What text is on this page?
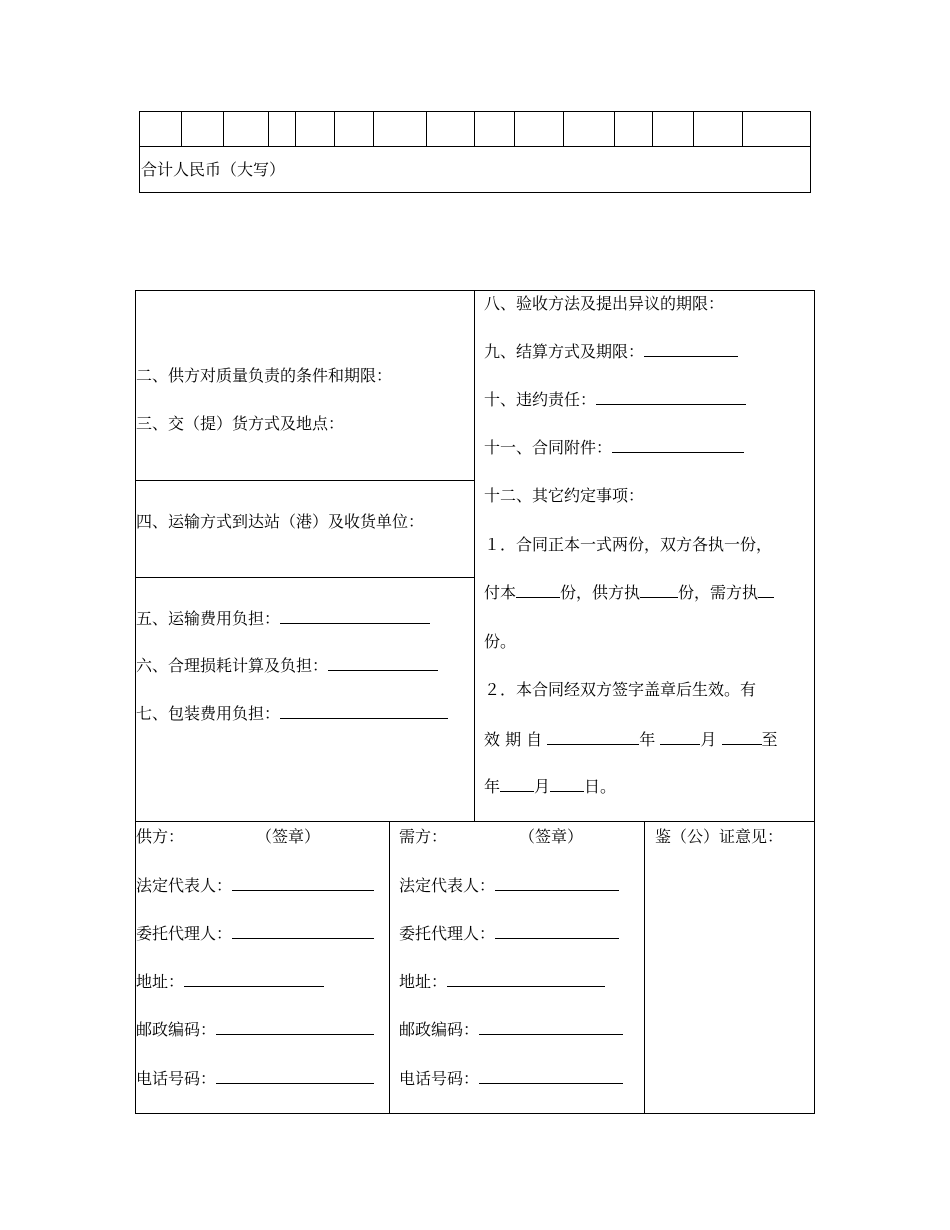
合计人民币（大写）
二、供方对质量负责的条件和期限：
三、交（提）货方式及地点：
四、运输方式到达站（港）及收货单位：
五、运输费用负担：
六、合理损耗计算及负担：
七、包装费用负担：
八、验收方法及提出异议的期限：
九、结算方式及期限：
十、违约责任：
十一、合同附件：
十二、其它约定事项：
１．合同正本一式两份，双方各执一份，
付本	份，供方执 份，需方执
份。
２．本合同经双方签字盖章后生效。有
效 期 自	年	月	至
年 月 日。
供方：	（签章）
法定代表人：
委托代理人：
地址：
邮政编码：
电话号码：
需方：	（签章）
法定代表人：
委托代理人：
地址：
邮政编码：
电话号码：
鉴（公）证意见：
